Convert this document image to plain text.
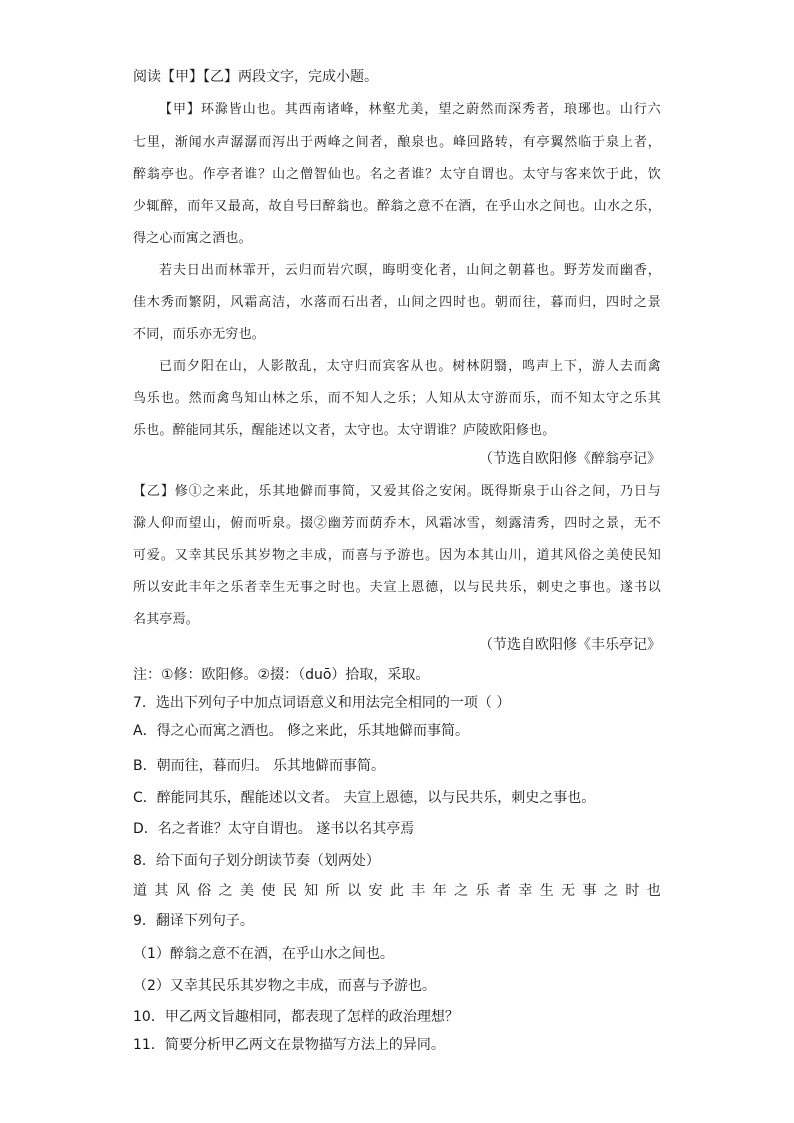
阅读【甲】【乙】两段文字，完成小题。
【甲】环滁皆山也。其西南诸峰，林壑尤美，望之蔚然而深秀者，琅琊也。山行六
七里，渐闻水声潺潺而泻出于两峰之间者，酿泉也。峰回路转，有亭翼然临于泉上者，
醉翁亭也。作亭者谁？山之僧智仙也。名之者谁？太守自谓也。太守与客来饮于此，饮
少辄醉，而年又最高，故自号曰醉翁也。醉翁之意不在酒，在乎山水之间也。山水之乐，
得之心而寓之酒也。
若夫日出而林霏开，云归而岩穴暝，晦明变化者，山间之朝暮也。野芳发而幽香，
佳木秀而繁阴，风霜高洁，水落而石出者，山间之四时也。朝而往，暮而归，四时之景
不同，而乐亦无穷也。
已而夕阳在山，人影散乱，太守归而宾客从也。树林阴翳，鸣声上下，游人去而禽
鸟乐也。然而禽鸟知山林之乐，而不知人之乐；人知从太守游而乐，而不知太守之乐其
乐也。醉能同其乐，醒能述以文者，太守也。太守谓谁？庐陵欧阳修也。
（节选自欧阳修《醉翁亭记》
【乙】修①之来此，乐其地僻而事简，又爱其俗之安闲。既得斯泉于山谷之间，乃日与
滁人仰而望山，俯而听泉。掇②幽芳而荫乔木，风霜冰雪，刻露清秀，四时之景，无不
可爱。又幸其民乐其岁物之丰成，而喜与予游也。因为本其山川，道其风俗之美使民知
所以安此丰年之乐者幸生无事之时也。夫宣上恩德，以与民共乐，刺史之事也。遂书以
名其亭焉。
（节选自欧阳修《丰乐亭记》
注：①修：欧阳修。②掇：（duō）拾取，采取。
7．选出下列句子中加点词语意义和用法完全相同的一项（ ）
A．得之心而寓之酒也。 修之来此，乐其地僻而事简。
B．朝而往，暮而归。 乐其地僻而事简。
C．醉能同其乐，醒能述以文者。 夫宣上恩德，以与民共乐，刺史之事也。
D．名之者谁？太守自谓也。 遂书以名其亭焉
8．给下面句子划分朗读节奏（划两处）
道 其 风 俗 之 美 使 民 知 所 以 安 此 丰 年 之 乐 者 幸 生 无 事 之 时 也
9．翻译下列句子。
（1）醉翁之意不在酒，在乎山水之间也。
（2）又幸其民乐其岁物之丰成，而喜与予游也。
10．甲乙两文旨趣相同，都表现了怎样的政治理想？
11．简要分析甲乙两文在景物描写方法上的异同。
